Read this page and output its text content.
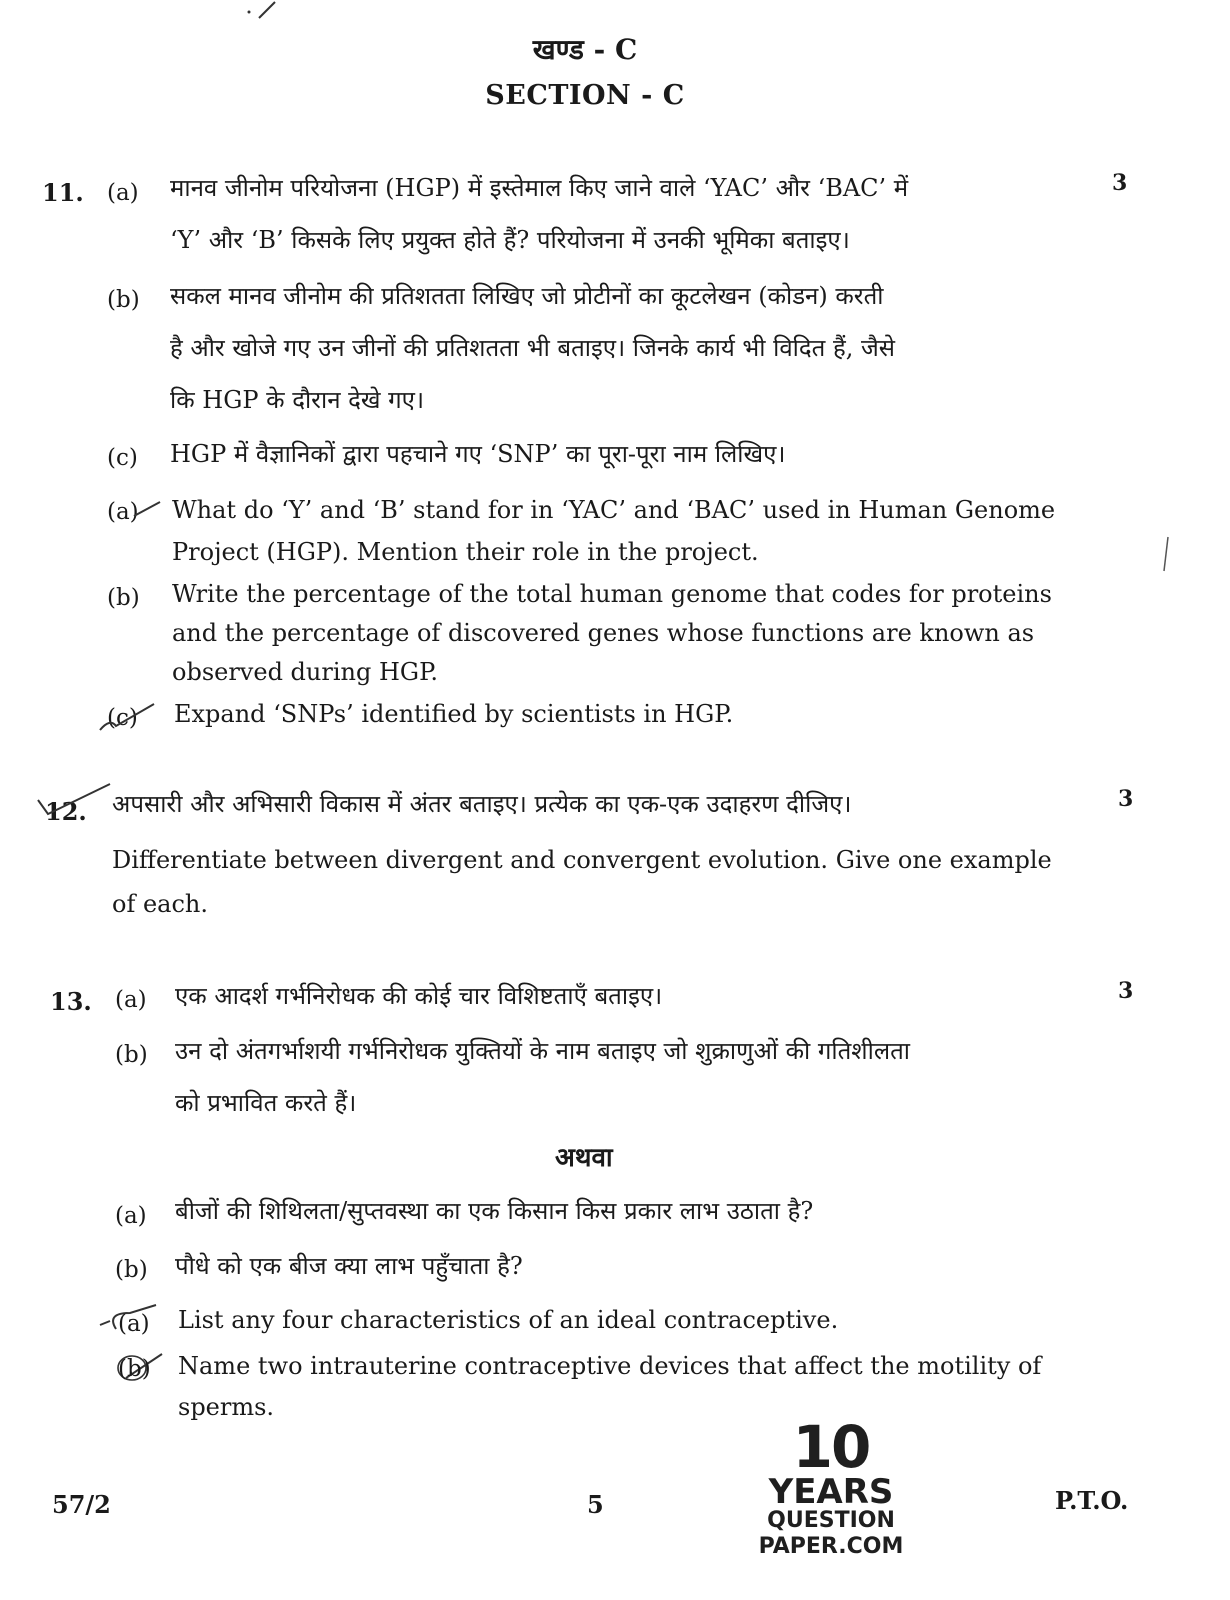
खण्ड - C
SECTION - C
11.	3
(a) मानव जीनोम परियोजना (HGP) में इस्तेमाल किए जाने वाले ‘YAC’ और ‘BAC’ में
‘Y’ और ‘B’ किसके लिए प्रयुक्त होते हैं? परियोजना में उनकी भूमिका बताइए।
(b) सकल मानव जीनोम की प्रतिशतता लिखिए जो प्रोटीनों का कूटलेखन (कोडन) करती
है और खोजे गए उन जीनों की प्रतिशतता भी बताइए। जिनके कार्य भी विदित हैं, जैसे
कि HGP के दौरान देखे गए।
(c) HGP में वैज्ञानिकों द्वारा पहचाने गए ‘SNP’ का पूरा-पूरा नाम लिखिए।
(a) What do ‘Y’ and ‘B’ stand for in ‘YAC’ and ‘BAC’ used in Human Genome
Project (HGP). Mention their role in the project.
(b) Write the percentage of the total human genome that codes for proteins
and the percentage of discovered genes whose functions are known as
observed during HGP.
(c) Expand ‘SNPs’ identified by scientists in HGP.
12.	3
अपसारी और अभिसारी विकास में अंतर बताइए। प्रत्येक का एक-एक उदाहरण दीजिए।
Differentiate between divergent and convergent evolution. Give one example
of each.
13.	3
(a) एक आदर्श गर्भनिरोधक की कोई चार विशिष्टताएँ बताइए।
(b) उन दो अंतगर्भाशयी गर्भनिरोधक युक्तियों के नाम बताइए जो शुक्राणुओं की गतिशीलता
को प्रभावित करते हैं।
अथवा
(a) बीजों की शिथिलता/सुप्तवस्था का एक किसान किस प्रकार लाभ उठाता है?
(b) पौधे को एक बीज क्या लाभ पहुँचाता है?
(a) List any four characteristics of an ideal contraceptive.
(b) Name two intrauterine contraceptive devices that affect the motility of
sperms.
57/2	5	P.T.O.
10
YEARS
QUESTION PAPER.COM
